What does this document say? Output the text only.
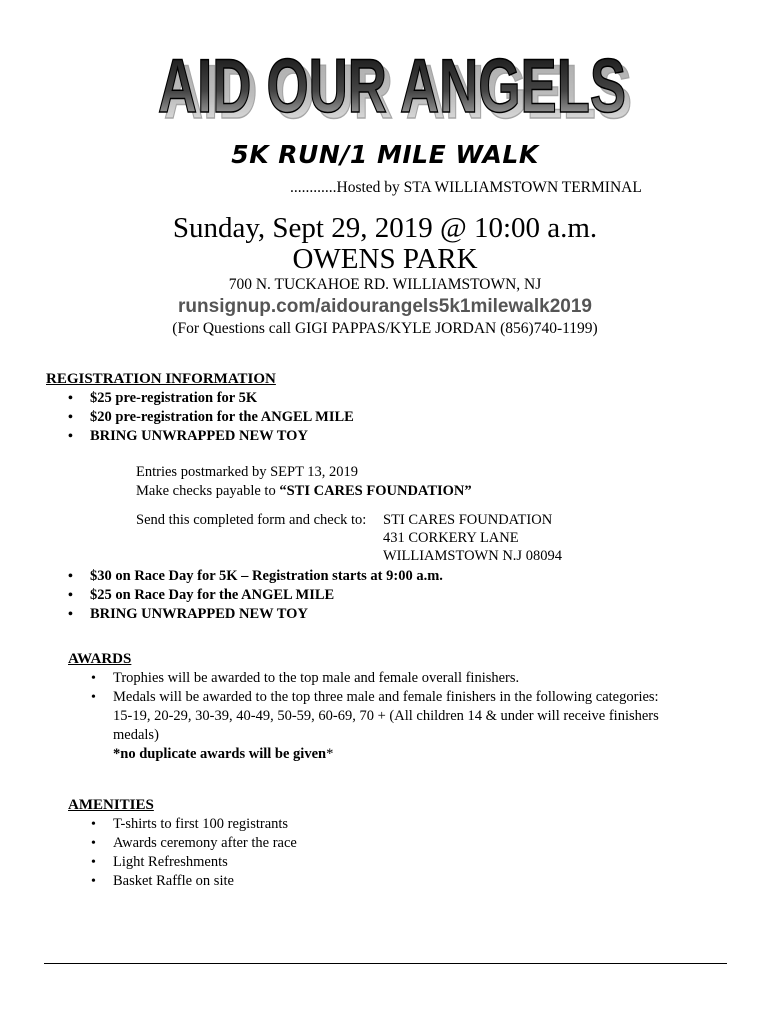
AID OUR ANGELS
AID OUR ANGELS
5K RUN/1 MILE WALK
............Hosted by STA WILLIAMSTOWN TERMINAL
Sunday, Sept 29, 2019 @ 10:00 a.m.
OWENS PARK
700 N. TUCKAHOE RD. WILLIAMSTOWN, NJ
runsignup.com/aidourangels5k1milewalk2019
(For Questions call GIGI PAPPAS/KYLE JORDAN (856)740-1199)
REGISTRATION INFORMATION
• $25 pre-registration for 5K
• $20 pre-registration for the ANGEL MILE
• BRING UNWRAPPED NEW TOY
Entries postmarked by SEPT 13, 2019
Make checks payable to “STI CARES FOUNDATION”
Send this completed form and check to: STI CARES FOUNDATION
431 CORKERY LANE
WILLIAMSTOWN N.J 08094
• $30 on Race Day for 5K – Registration starts at 9:00 a.m.
• $25 on Race Day for the ANGEL MILE
• BRING UNWRAPPED NEW TOY
AWARDS
• Trophies will be awarded to the top male and female overall finishers.
• Medals will be awarded to the top three male and female finishers in the following categories:
15-19, 20-29, 30-39, 40-49, 50-59, 60-69, 70 + (All children 14 & under will receive finishers
medals)
*no duplicate awards will be given*
AMENITIES
• T-shirts to first 100 registrants
• Awards ceremony after the race
• Light Refreshments
• Basket Raffle on site
